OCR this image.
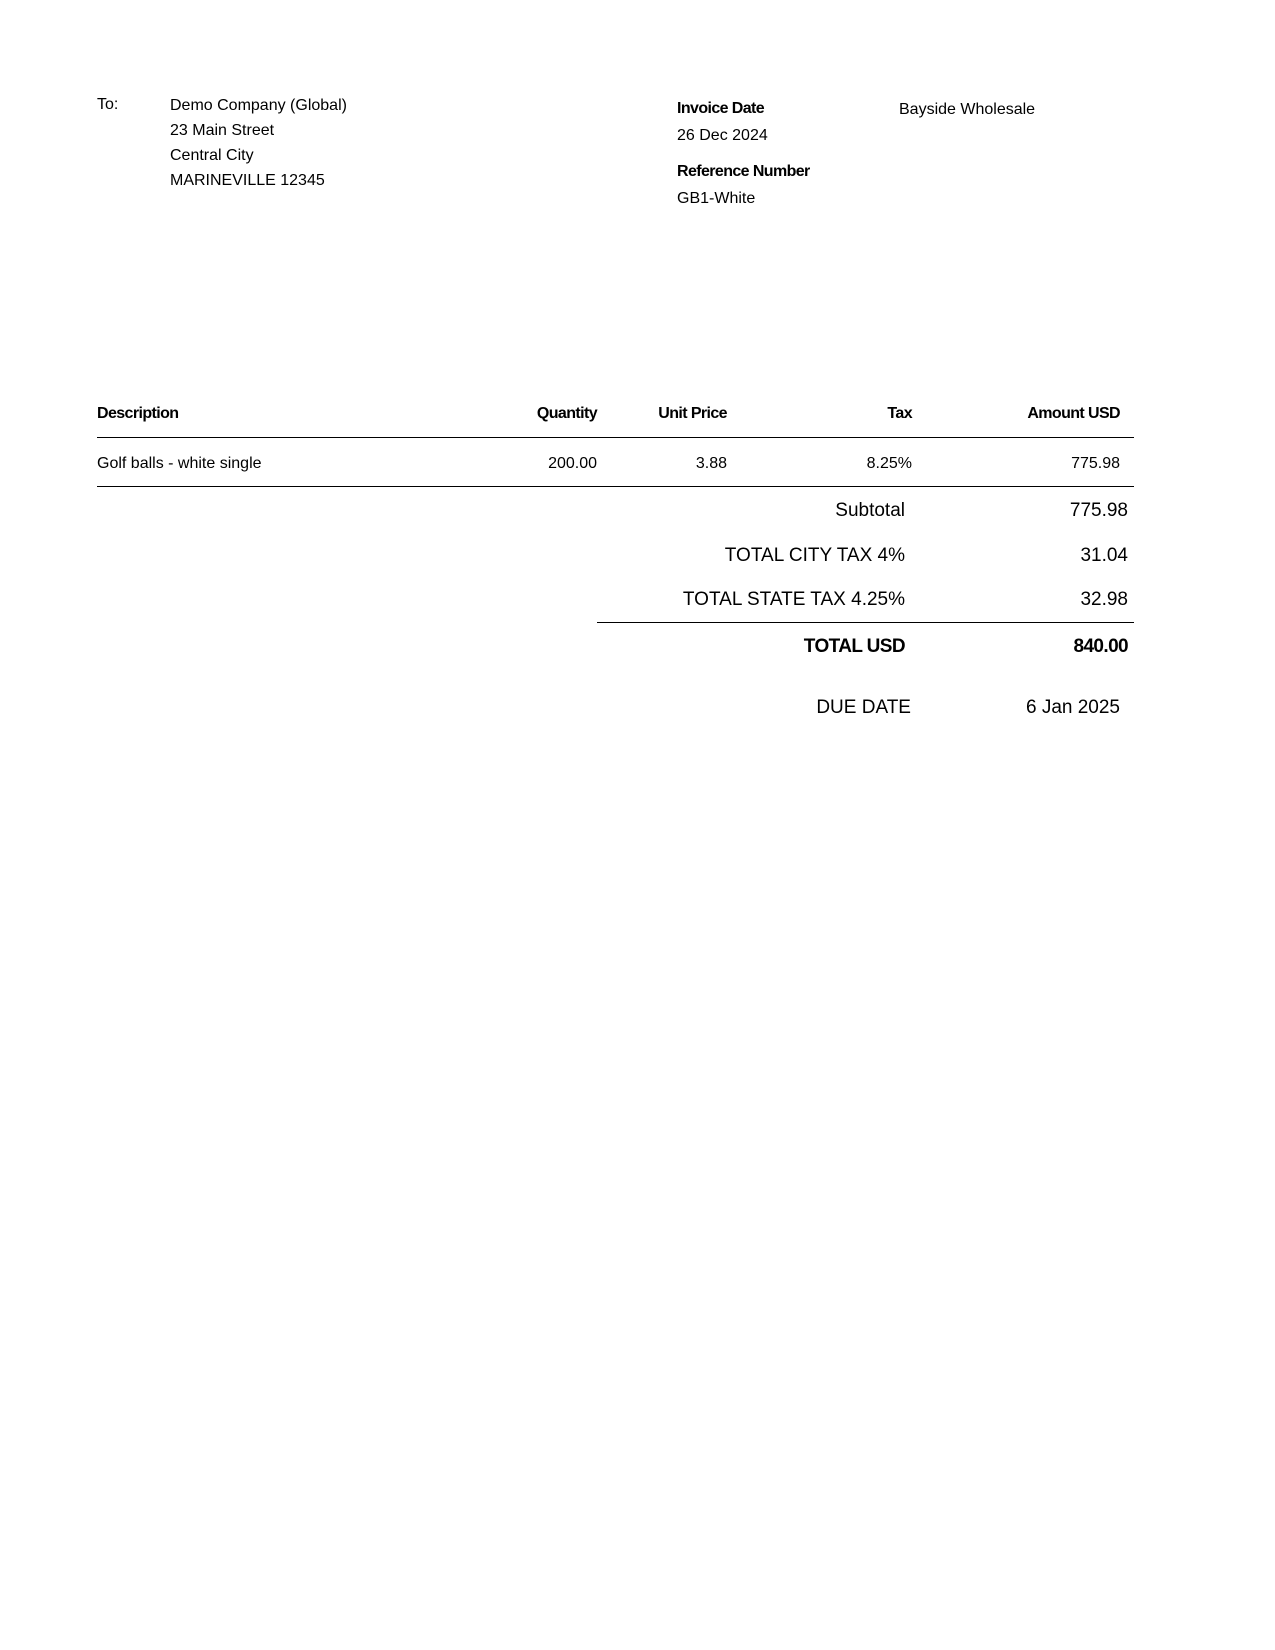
To:	Demo Company (Global)
23 Main Street
Central City
MARINEVILLE 12345
Invoice Date
26 Dec 2024
Reference Number
GB1-White
Bayside Wholesale
Description	Quantity	Unit Price	Tax	Amount USD
Golf balls - white single	200.00	3.88	8.25%	775.98
Subtotal	775.98
TOTAL CITY TAX 4%	31.04
TOTAL STATE TAX 4.25%	32.98
TOTAL USD	840.00
DUE DATE	6 Jan 2025
